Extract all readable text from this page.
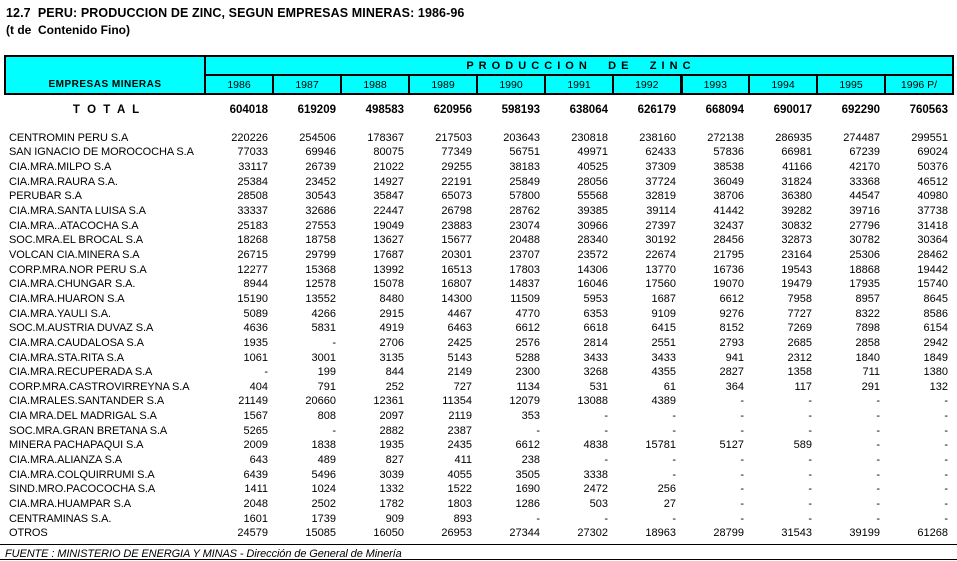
12.7  PERU: PRODUCCION DE ZINC, SEGUN EMPRESAS MINERAS: 1986-96
(t de  Contenido Fino)
EMPRESAS MINERAS	P R O D U C C I O N     D E     Z I N C										
	1986	1987	1988	1989	1990	1991	1992	1993	1994	1995	1996 P/
T O T A L	604018	619209	498583	620956	598193	638064	626179	668094	690017	692290	760563
CENTROMIN PERU S.A	220226	254506	178367	217503	203643	230818	238160	272138	286935	274487	299551
SAN IGNACIO DE MOROCOCHA S.A	77033	69946	80075	77349	56751	49971	62433	57836	66981	67239	69024
CIA.MRA.MILPO S.A	33117	26739	21022	29255	38183	40525	37309	38538	41166	42170	50376
CIA.MRA.RAURA S.A.	25384	23452	14927	22191	25849	28056	37724	36049	31824	33368	46512
PERUBAR S.A	28508	30543	35847	65073	57800	55568	32819	38706	36380	44547	40980
CIA.MRA.SANTA LUISA S.A	33337	32686	22447	26798	28762	39385	39114	41442	39282	39716	37738
CIA.MRA..ATACOCHA S.A	25183	27553	19049	23883	23074	30966	27397	32437	30832	27796	31418
SOC.MRA.EL BROCAL S.A	18268	18758	13627	15677	20488	28340	30192	28456	32873	30782	30364
VOLCAN CIA.MINERA S.A	26715	29799	17687	20301	23707	23572	22674	21795	23164	25306	28462
CORP.MRA.NOR PERU S.A	12277	15368	13992	16513	17803	14306	13770	16736	19543	18868	19442
CIA.MRA.CHUNGAR S.A.	8944	12578	15078	16807	14837	16046	17560	19070	19479	17935	15740
CIA.MRA.HUARON S.A	15190	13552	8480	14300	11509	5953	1687	6612	7958	8957	8645
CIA.MRA.YAULI S.A.	5089	4266	2915	4467	4770	6353	9109	9276	7727	8322	8586
SOC.M.AUSTRIA DUVAZ S.A	4636	5831	4919	6463	6612	6618	6415	8152	7269	7898	6154
CIA.MRA.CAUDALOSA S.A	1935	-	2706	2425	2576	2814	2551	2793	2685	2858	2942
CIA.MRA.STA.RITA S.A	1061	3001	3135	5143	5288	3433	3433	941	2312	1840	1849
CIA.MRA.RECUPERADA S.A	-	199	844	2149	2300	3268	4355	2827	1358	711	1380
CORP.MRA.CASTROVIRREYNA S.A	404	791	252	727	1134	531	61	364	117	291	132
CIA.MRALES.SANTANDER S.A	21149	20660	12361	11354	12079	13088	4389	-	-	-	-
CIA MRA.DEL MADRIGAL S.A	1567	808	2097	2119	353	-	-	-	-	-	-
SOC.MRA.GRAN BRETANA S.A	5265	-	2882	2387	-	-	-	-	-	-	-
MINERA PACHAPAQUI S.A	2009	1838	1935	2435	6612	4838	15781	5127	589	-	-
CIA.MRA.ALIANZA S.A	643	489	827	411	238	-	-	-	-	-	-
CIA.MRA.COLQUIRRUMI S.A	6439	5496	3039	4055	3505	3338	-	-	-	-	-
SIND.MRO.PACOCOCHA S.A	1411	1024	1332	1522	1690	2472	256	-	-	-	-
CIA.MRA.HUAMPAR S.A	2048	2502	1782	1803	1286	503	27	-	-	-	-
CENTRAMINAS S.A.	1601	1739	909	893	-	-	-	-	-	-	-
OTROS	24579	15085	16050	26953	27344	27302	18963	28799	31543	39199	61268
FUENTE : MINISTERIO DE ENERGIA Y MINAS - Dirección de General de Minería
